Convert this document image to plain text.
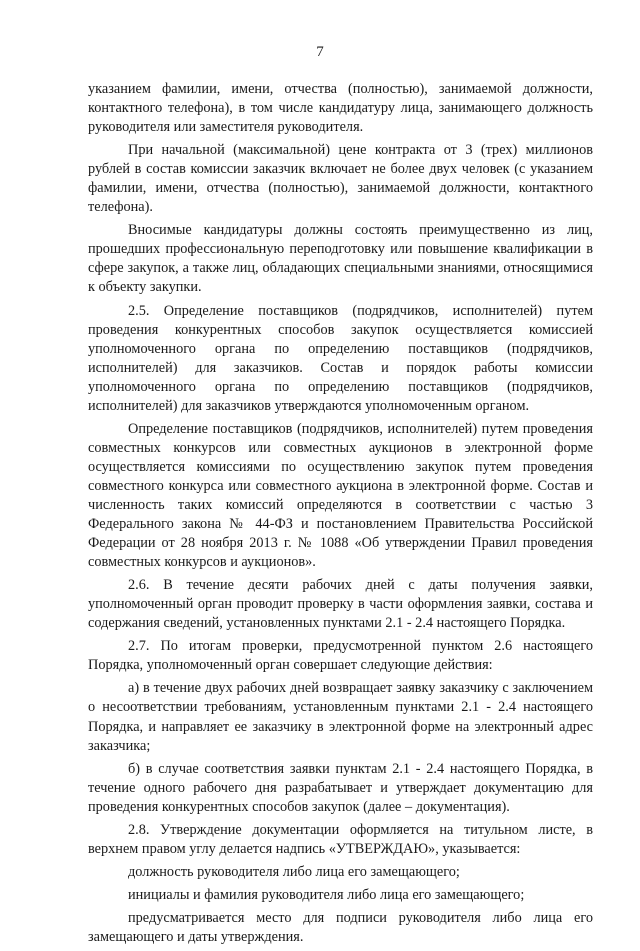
7

указанием фамилии, имени, отчества (полностью), занимаемой должности, контактного телефона), в том числе кандидатуру лица, занимающего должность руководителя или заместителя руководителя.

При начальной (максимальной) цене контракта от 3 (трех) миллионов рублей в состав комиссии заказчик включает не более двух человек (с указанием фамилии, имени, отчества (полностью), занимаемой должности, контактного телефона).

Вносимые кандидатуры должны состоять преимущественно из лиц, прошедших профессиональную переподготовку или повышение квалификации в сфере закупок, а также лиц, обладающих специальными знаниями, относящимися к объекту закупки.

2.5. Определение поставщиков (подрядчиков, исполнителей) путем проведения конкурентных способов закупок осуществляется комиссией уполномоченного органа по определению поставщиков (подрядчиков, исполнителей) для заказчиков. Состав и порядок работы комиссии уполномоченного органа по определению поставщиков (подрядчиков, исполнителей) для заказчиков утверждаются уполномоченным органом.

Определение поставщиков (подрядчиков, исполнителей) путем проведения совместных конкурсов или совместных аукционов в электронной форме осуществляется комиссиями по осуществлению закупок путем проведения совместного конкурса или совместного аукциона в электронной форме. Состав и численность таких комиссий определяются в соответствии с частью 3 Федерального закона № 44-ФЗ и постановлением Правительства Российской Федерации от 28 ноября 2013 г. № 1088 «Об утверждении Правил проведения совместных конкурсов и аукционов».

2.6. В течение десяти рабочих дней с даты получения заявки, уполномоченный орган проводит проверку в части оформления заявки, состава и содержания сведений, установленных пунктами 2.1 - 2.4 настоящего Порядка.

2.7. По итогам проверки, предусмотренной пунктом 2.6 настоящего Порядка, уполномоченный орган совершает следующие действия:

а) в течение двух рабочих дней возвращает заявку заказчику с заключением о несоответствии требованиям, установленным пунктами 2.1 - 2.4 настоящего Порядка, и направляет ее заказчику в электронной форме на электронный адрес заказчика;

б) в случае соответствия заявки пунктам 2.1 - 2.4 настоящего Порядка, в течение одного рабочего дня разрабатывает и утверждает документацию для проведения конкурентных способов закупок (далее – документация).

2.8. Утверждение документации оформляется на титульном листе, в верхнем правом углу делается надпись «УТВЕРЖДАЮ», указывается:

должность руководителя либо лица его замещающего;

инициалы и фамилия руководителя либо лица его замещающего;

предусматривается место для подписи руководителя либо лица его замещающего и даты утверждения.
